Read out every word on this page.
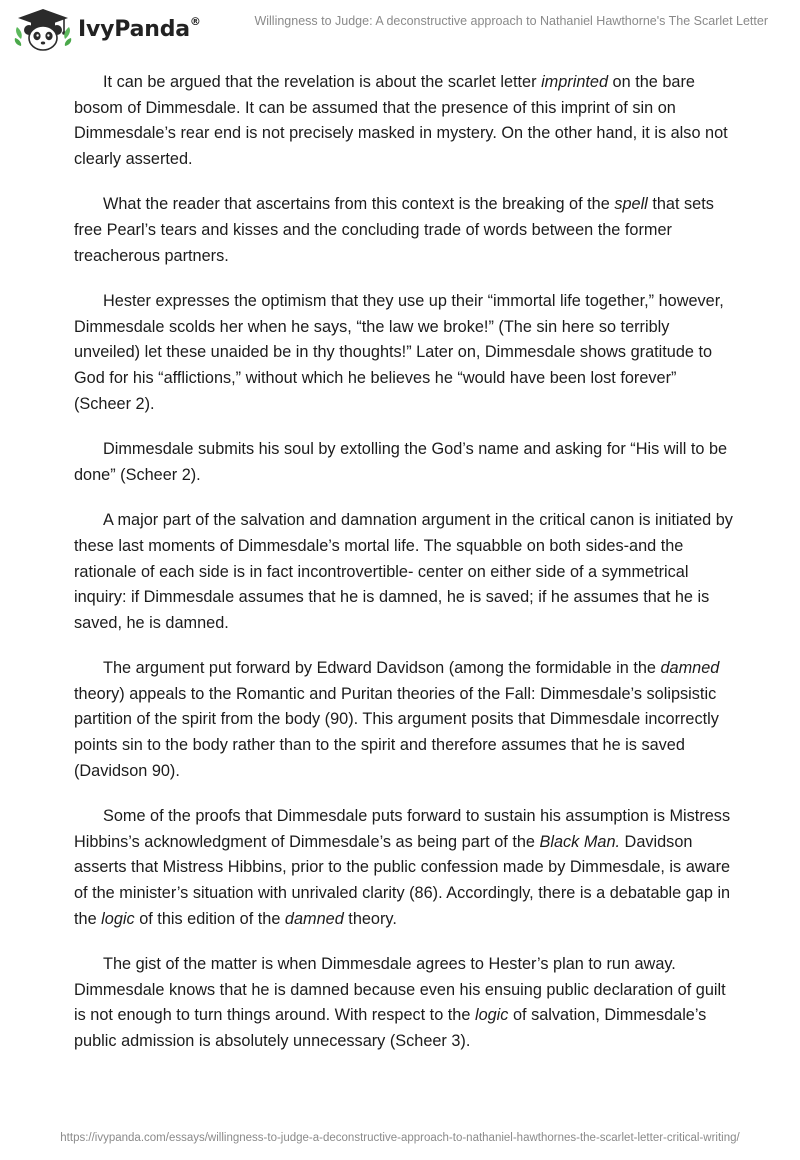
IvyPanda®	Willingness to Judge: A deconstructive approach to Nathaniel Hawthorne's The Scarlet Letter

It can be argued that the revelation is about the scarlet letter imprinted on the bare bosom of Dimmesdale. It can be assumed that the presence of this imprint of sin on Dimmesdale’s rear end is not precisely masked in mystery. On the other hand, it is also not clearly asserted.

What the reader that ascertains from this context is the breaking of the spell that sets free Pearl’s tears and kisses and the concluding trade of words between the former treacherous partners.

Hester expresses the optimism that they use up their “immortal life together,” however, Dimmesdale scolds her when he says, “the law we broke!” (The sin here so terribly unveiled) let these unaided be in thy thoughts!” Later on, Dimmesdale shows gratitude to God for his “afflictions,” without which he believes he “would have been lost forever” (Scheer 2).

Dimmesdale submits his soul by extolling the God’s name and asking for “His will to be done” (Scheer 2).

A major part of the salvation and damnation argument in the critical canon is initiated by these last moments of Dimmesdale’s mortal life. The squabble on both sides-and the rationale of each side is in fact incontrovertible- center on either side of a symmetrical inquiry: if Dimmesdale assumes that he is damned, he is saved; if he assumes that he is saved, he is damned.

The argument put forward by Edward Davidson (among the formidable in the damned theory) appeals to the Romantic and Puritan theories of the Fall: Dimmesdale’s solipsistic partition of the spirit from the body (90). This argument posits that Dimmesdale incorrectly points sin to the body rather than to the spirit and therefore assumes that he is saved (Davidson 90).

Some of the proofs that Dimmesdale puts forward to sustain his assumption is Mistress Hibbins’s acknowledgment of Dimmesdale’s as being part of the Black Man. Davidson asserts that Mistress Hibbins, prior to the public confession made by Dimmesdale, is aware of the minister’s situation with unrivaled clarity (86). Accordingly, there is a debatable gap in the logic of this edition of the damned theory.

The gist of the matter is when Dimmesdale agrees to Hester’s plan to run away. Dimmesdale knows that he is damned because even his ensuing public declaration of guilt is not enough to turn things around. With respect to the logic of salvation, Dimmesdale’s public admission is absolutely unnecessary (Scheer 3).

https://ivypanda.com/essays/willingness-to-judge-a-deconstructive-approach-to-nathaniel-hawthornes-the-scarlet-letter-critical-writing/
